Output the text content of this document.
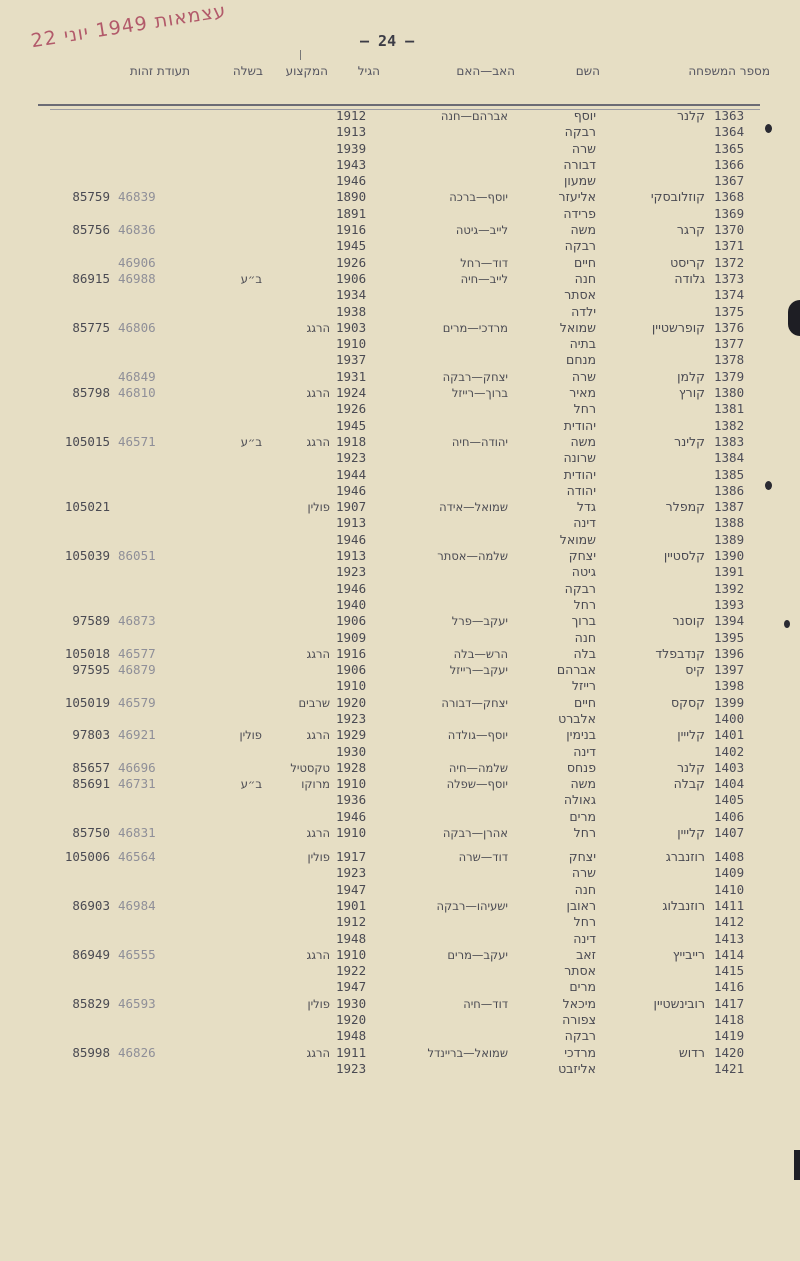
עצמאות 1949 יוני 22
— 24 —
מספר המשפחה
השם
האב—האם
הגיל
המקצוע
בשלה
תעודת זהות
1363
קלנר
יוסף
אברהם—חנה
1912
1364
רבקה
1913
1365
שרה
1939
1366
דבורה
1943
1367
שמעון
1946
1368
קוזלובסקי
אליעזר
יוסף—ברכה
1890
46839
85759
1369
פרידה
1891
1370
קרגר
משה
לייב—גיטה
1916
46836
85756
1371
רבקה
1945
1372
קריסט
חיים
דוד—רחל
1926
46906
1373
גלודה
חנה
לייב—חיה
1906
ב״ע
46988
86915
1374
אסתר
1934
1375
ילדה
1938
1376
קופרשטיין
שמואל
מרדכי—מרים
1903
הרגג
46806
85775
1377
בתיה
1910
1378
מנחם
1937
1379
קלמן
שרה
יצחק—רבקה
1931
46849
1380
קורץ
מאיר
ברוך—רייזל
1924
הרגג
46810
85798
1381
רחל
1926
1382
יהודית
1945
1383
קלינר
משה
יהודה—חיה
1918
הרגג
ב״ע
46571
105015
1384
שרונה
1923
1385
יהודית
1944
1386
יהודה
1946
1387
קמפלר
גדל
שמואל—אידה
1907
פולין
105021
1388
דינה
1913
1389
שמואל
1946
1390
קלסטיין
יצחק
שלמה—אסתר
1913
86051
105039
1391
גיטה
1923
1392
רבקה
1946
1393
רחל
1940
1394
קוסנר
ברוך
יעקב—פרל
1906
46873
97589
1395
חנה
1909
1396
קנדבפלד
בלה
הרש—בלה
1916
הרגג
46577
105018
1397
קיס
אברהם
יעקב—רייזל
1906
46879
97595
1398
רייזל
1910
1399
קסקס
חיים
יצחק—דבורה
1920
שרבים
46579
105019
1400
אלברט
1923
1401
קלייין
בנימין
יוסף—גולדה
1929
הרגג
פולין
46921
97803
1402
דינה
1930
1403
קלנר
פנחס
שלמה—חיה
1928
טקסטיל
46696
85657
1404
קבלה
משה
יוסף—שפלה
1910
מרוקו
ב״ע
46731
85691
1405
גאולה
1936
1406
מרים
1946
1407
קלייין
רחל
אהרן—רבקה
1910
הרגג
46831
85750
1408
רוזנברג
יצחק
דוד—שרה
1917
פולין
46564
105006
1409
שרה
1923
1410
חנה
1947
1411
רוזנבלוג
ראובן
ישעיהו—רבקה
1901
46984
86903
1412
רחל
1912
1413
דינה
1948
1414
רייבייץ
זאב
יעקב—מרים
1910
הרגג
46555
86949
1415
אסתר
1922
1416
מרים
1947
1417
רובינשטיין
מיכאל
דוד—חיה
1930
פולין
46593
85829
1418
צפורה
1920
1419
רבקה
1948
1420
רדוש
מרדכי
שמואל—בריינדל
1911
הרגג
46826
85998
1421
אליזבט
1923
